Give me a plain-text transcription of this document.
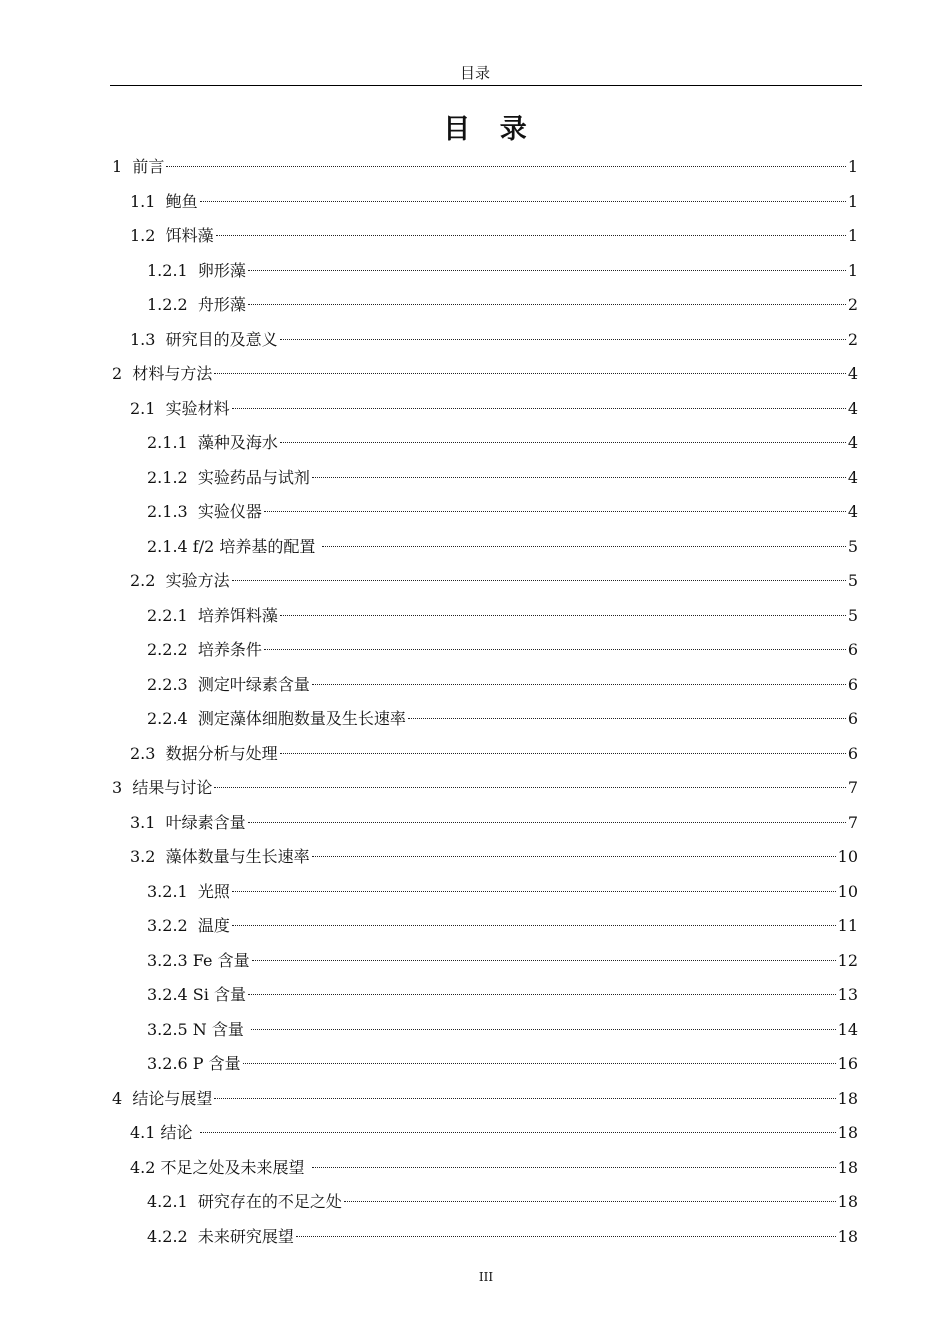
目录
目 录
1  前言	1
1.1  鲍鱼	1
1.2  饵料藻	1
1.2.1  卵形藻	1
1.2.2  舟形藻	2
1.3  研究目的及意义	2
2  材料与方法	4
2.1  实验材料	4
2.1.1  藻种及海水	4
2.1.2  实验药品与试剂	4
2.1.3  实验仪器	4
2.1.4 f/2 培养基的配置	5
2.2  实验方法	5
2.2.1  培养饵料藻	5
2.2.2  培养条件	6
2.2.3  测定叶绿素含量	6
2.2.4  测定藻体细胞数量及生长速率	6
2.3  数据分析与处理	6
3  结果与讨论	7
3.1  叶绿素含量	7
3.2  藻体数量与生长速率	10
3.2.1  光照	10
3.2.2  温度	11
3.2.3 Fe 含量	12
3.2.4 Si 含量	13
3.2.5 N 含量	14
3.2.6 P 含量	16
4  结论与展望	18
4.1 结论	18
4.2 不足之处及未来展望	18
4.2.1  研究存在的不足之处	18
4.2.2  未来研究展望	18
III
